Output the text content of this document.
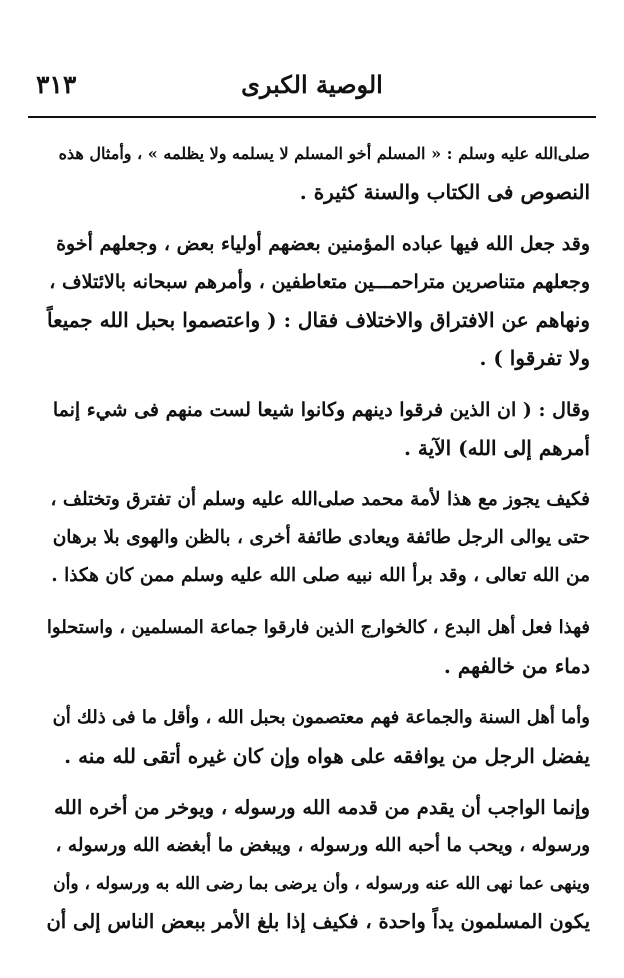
٣١٣	الوصية الكبرى
صلى‌الله عليه وسلم : « المسلم أخو المسلم لا يسلمه ولا يظلمه » ، وأمثال هذه
النصوص فى الكتاب والسنة كثيرة .
وقد جعل الله فيها عباده المؤمنين بعضهم أولياء بعض ، وجعلهم أخوة
وجعلهم متناصرين متراحمـــين متعاطفين ، وأمرهم سبحانه بالائتلاف ،
ونهاهم عن الافتراق والاختلاف فقال : ( واعتصموا بحبل الله جميعاً
ولا تفرقوا ) .
وقال : ( ان الذين فرقوا دينهم وكانوا شيعا لست منهم فى شيء إنما
أمرهم إلى الله) الآية .
فكيف يجوز مع هذا لأمة محمد صلى‌الله عليه وسلم أن تفترق وتختلف ،
حتى يوالى الرجل طائفة ويعادى طائفة أخرى ، بالظن والهوى بلا برهان
من الله تعالى ، وقد برأ الله نبيه صلى الله عليه وسلم ممن كان هكذا .
فهذا فعل أهل البدع ، كالخوارج الذين فارقوا جماعة المسلمين ، واستحلوا
دماء من خالفهم .
وأما أهل السنة والجماعة فهم معتصمون بحبل الله ، وأقل ما فى ذلك أن
يفضل الرجل من يوافقه على هواه وإن كان غيره أتقى لله منه .
وإنما الواجب أن يقدم من قدمه الله ورسوله ، ويوخر من أخره الله
ورسوله ، ويحب ما أحبه الله ورسوله ، ويبغض ما أبغضه الله ورسوله ،
وينهى عما نهى الله عنه ورسوله ، وأن يرضى بما رضى الله به ورسوله ، وأن
يكون المسلمون يداً واحدة ، فكيف إذا بلغ الأمر ببعض الناس إلى أن
